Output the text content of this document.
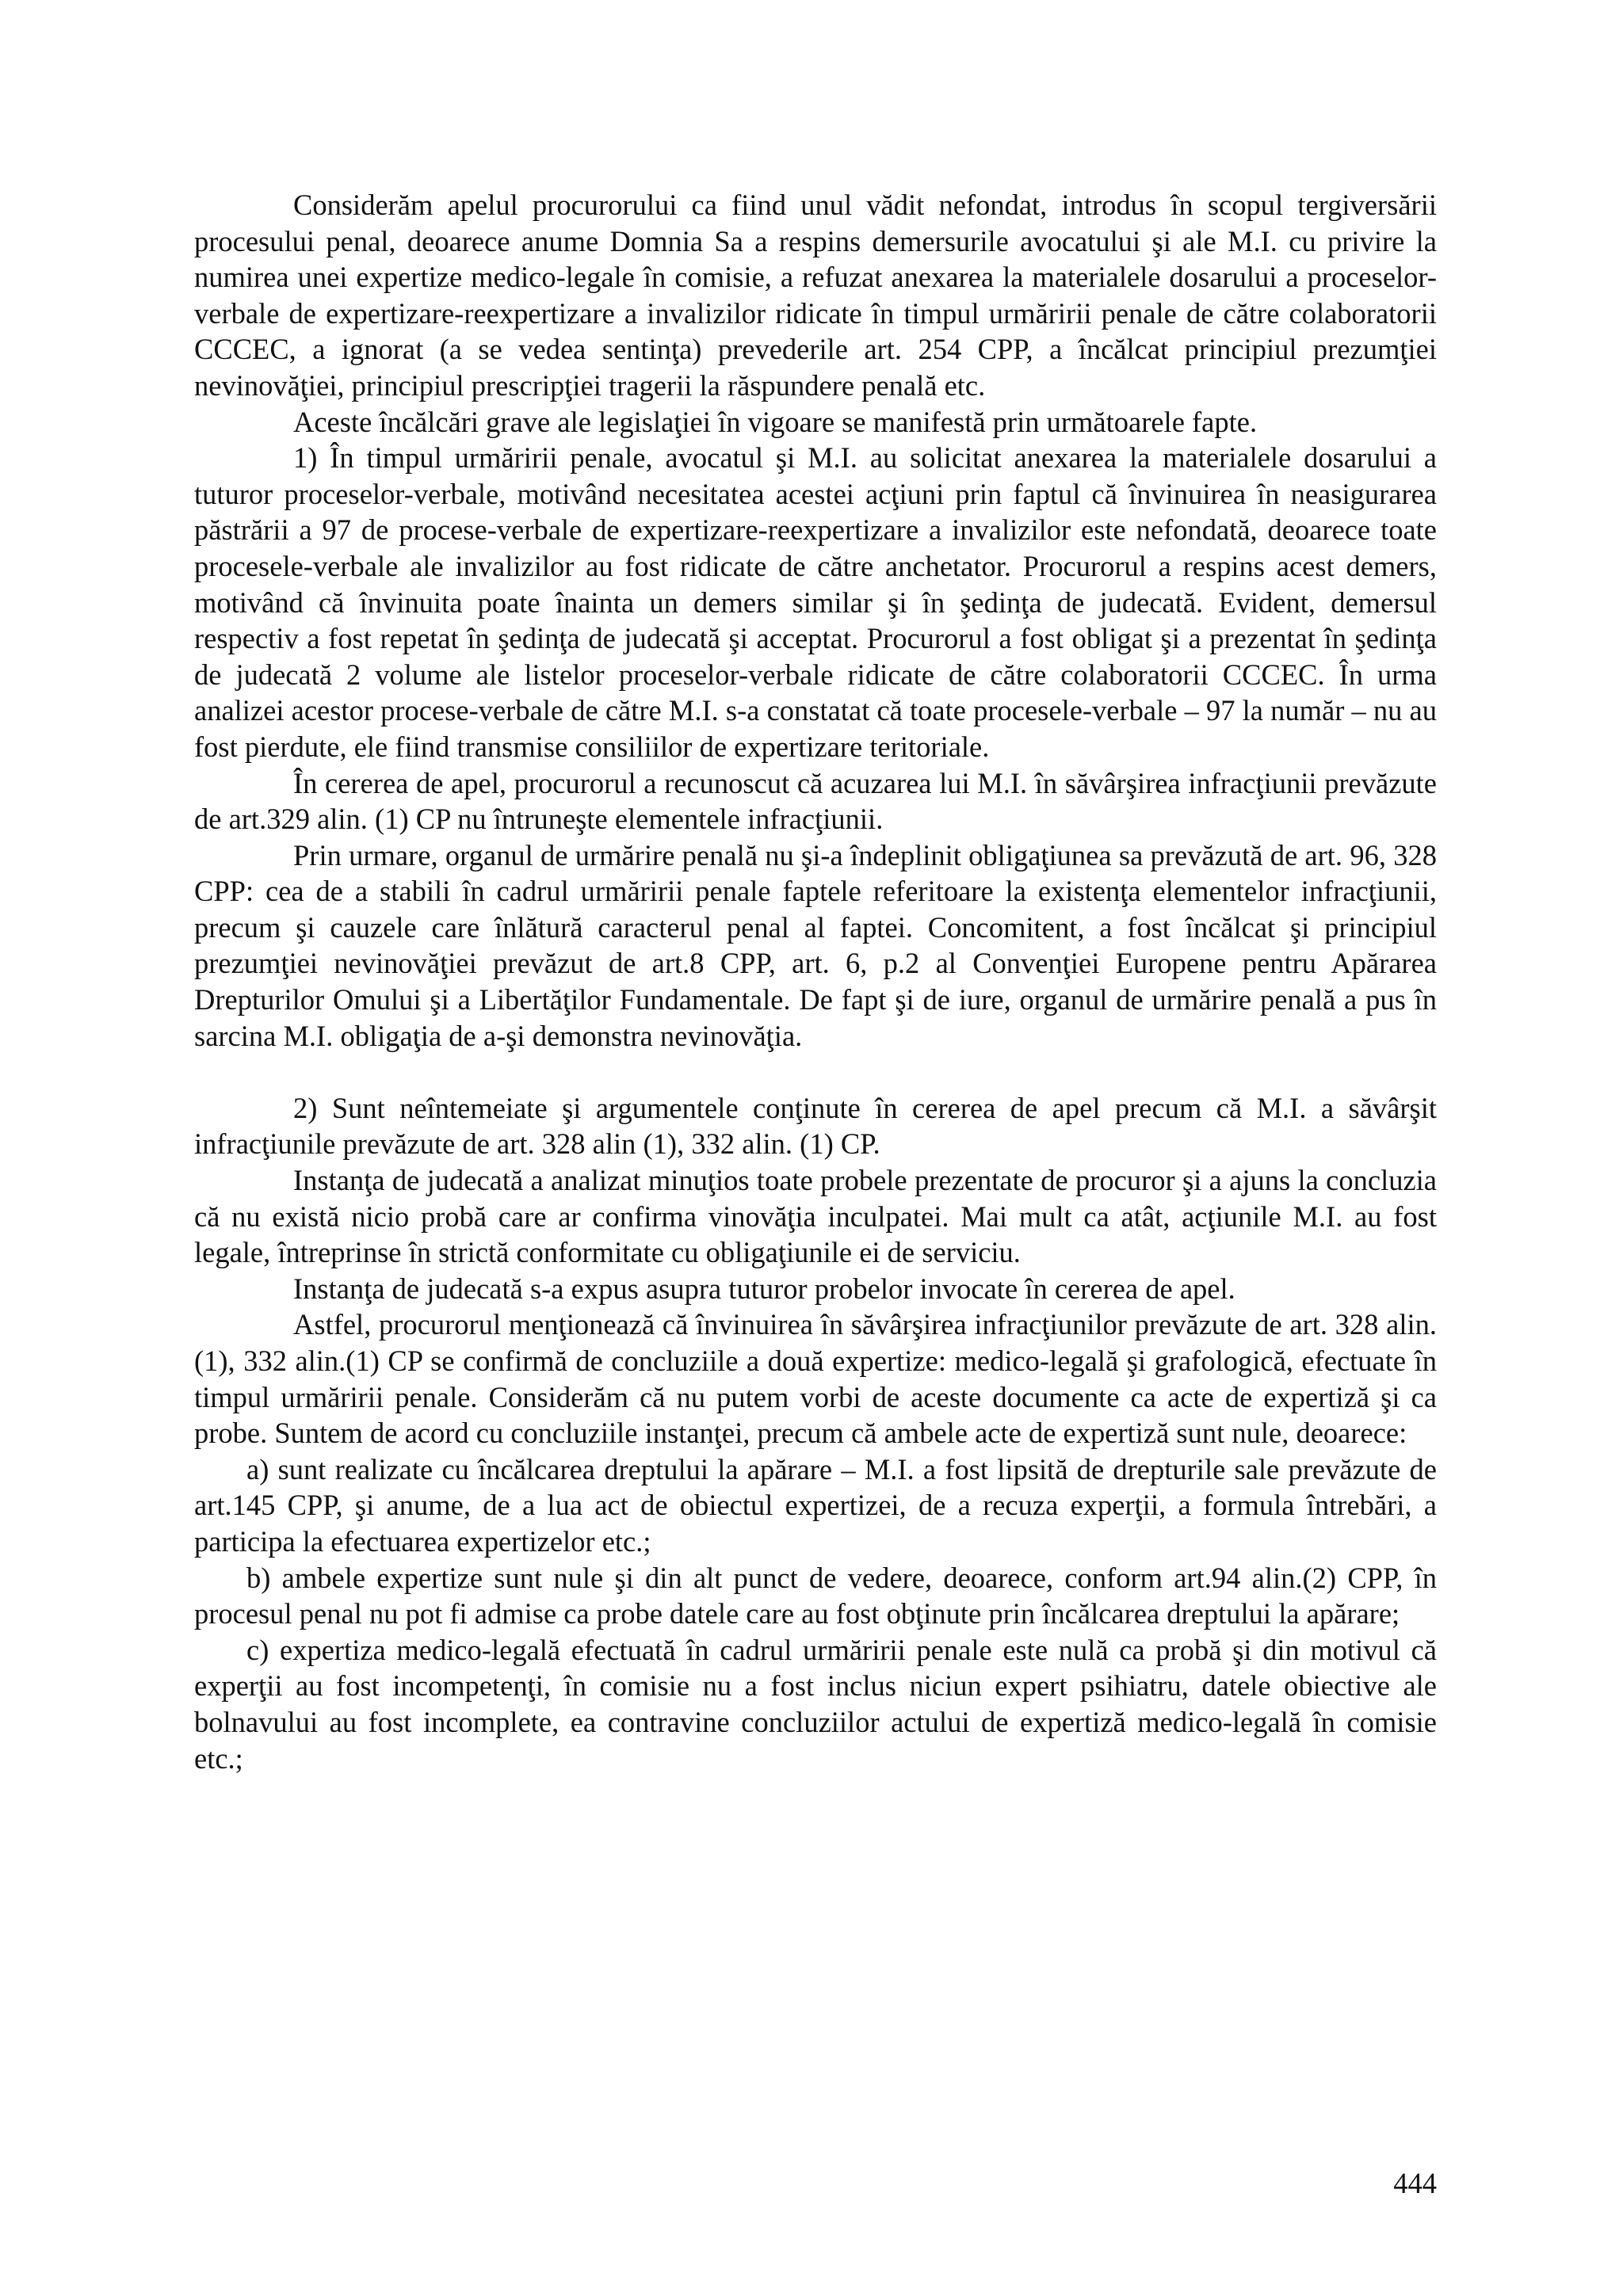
Considerăm apelul procurorului ca fiind unul vădit nefondat, introdus în scopul tergiversării procesului penal, deoarece anume Domnia Sa a respins demersurile avocatului şi ale M.I. cu privire la numirea unei expertize medico-legale în comisie, a refuzat anexarea la materialele dosarului a proceselor-verbale de expertizare-reexpertizare a invalizilor ridicate în timpul urmăririi penale de către colaboratorii CCCEC, a ignorat (a se vedea sentinţa) prevederile art. 254 CPP, a încălcat principiul prezumţiei nevinovăţiei, principiul prescripţiei tragerii la răspundere penală etc.

Aceste încălcări grave ale legislaţiei în vigoare se manifestă prin următoarele fapte.

1) În timpul urmăririi penale, avocatul şi M.I. au solicitat anexarea la materialele dosarului a tuturor proceselor-verbale, motivând necesitatea acestei acţiuni prin faptul că învinuirea în neasigurarea păstrării a 97 de procese-verbale de expertizare-reexpertizare a invalizilor este nefondată, deoarece toate procesele-verbale ale invalizilor au fost ridicate de către anchetator. Procurorul a respins acest demers, motivând că învinuita poate înainta un demers similar şi în şedinţa de judecată. Evident, demersul respectiv a fost repetat în şedinţa de judecată şi acceptat. Procurorul a fost obligat şi a prezentat în şedinţa de judecată 2 volume ale listelor proceselor-verbale ridicate de către colaboratorii CCCEC. În urma analizei acestor procese-verbale de către M.I. s-a constatat că toate procesele-verbale – 97 la număr – nu au fost pierdute, ele fiind transmise consiliilor de expertizare teritoriale.

În cererea de apel, procurorul a recunoscut că acuzarea lui M.I. în săvârşirea infracţiunii prevăzute de art.329 alin. (1) CP nu întruneşte elementele infracţiunii.

Prin urmare, organul de urmărire penală nu şi-a îndeplinit obligaţiunea sa prevăzută de art. 96, 328 CPP: cea de a stabili în cadrul urmăririi penale faptele referitoare la existenţa elementelor infracţiunii, precum şi cauzele care înlătură caracterul penal al faptei. Concomitent, a fost încălcat şi principiul prezumţiei nevinovăţiei prevăzut de art.8 CPP, art. 6, p.2 al Convenţiei Europene pentru Apărarea Drepturilor Omului şi a Libertăţilor Fundamentale. De fapt şi de iure, organul de urmărire penală a pus în sarcina M.I. obligaţia de a-şi demonstra nevinovăţia.

2) Sunt neîntemeiate şi argumentele conţinute în cererea de apel precum că M.I. a săvârşit infracţiunile prevăzute de art. 328 alin (1), 332 alin. (1) CP.

Instanţa de judecată a analizat minuţios toate probele prezentate de procuror şi a ajuns la concluzia că nu există nicio probă care ar confirma vinovăţia inculpatei. Mai mult ca atât, acţiunile M.I. au fost legale, întreprinse în strictă conformitate cu obligaţiunile ei de serviciu.

Instanţa de judecată s-a expus asupra tuturor probelor invocate în cererea de apel.

Astfel, procurorul menţionează că învinuirea în săvârşirea infracţiunilor prevăzute de art. 328 alin.(1), 332 alin.(1) CP se confirmă de concluziile a două expertize: medico-legală şi grafologică, efectuate în timpul urmăririi penale. Considerăm că nu putem vorbi de aceste documente ca acte de expertiză şi ca probe. Suntem de acord cu concluziile instanţei, precum că ambele acte de expertiză sunt nule, deoarece:

a) sunt realizate cu încălcarea dreptului la apărare – M.I. a fost lipsită de drepturile sale prevăzute de art.145 CPP, şi anume, de a lua act de obiectul expertizei, de a recuza experţii, a formula întrebări, a participa la efectuarea expertizelor etc.;

b) ambele expertize sunt nule şi din alt punct de vedere, deoarece, conform art.94 alin.(2) CPP, în procesul penal nu pot fi admise ca probe datele care au fost obţinute prin încălcarea dreptului la apărare;

c) expertiza medico-legală efectuată în cadrul urmăririi penale este nulă ca probă şi din motivul că experţii au fost incompetenţi, în comisie nu a fost inclus niciun expert psihiatru, datele obiective ale bolnavului au fost incomplete, ea contravine concluziilor actului de expertiză medico-legală în comisie etc.;

444
